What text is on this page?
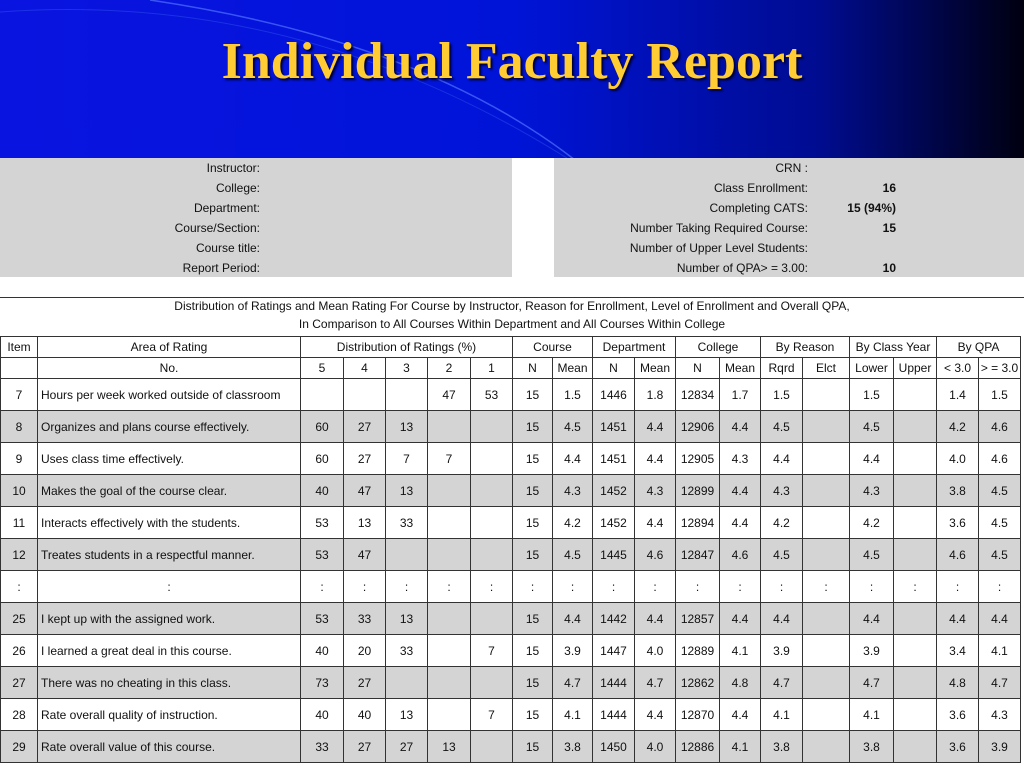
Individual Faculty Report
Instructor:
College:
Department:
Course/Section:
Course title:
Report Period:
CRN :
Class Enrollment:	16
Completing CATS:	15 (94%)
Number Taking Required Course:	15
Number of Upper Level Students:
Number of QPA> = 3.00:	10
Distribution of Ratings and Mean Rating For Course by Instructor, Reason for Enrollment, Level of Enrollment and Overall QPA,
In Comparison to All Courses Within Department and All Courses Within College
Item	Area of Rating	Distribution of Ratings (%)					Course		Department		College		By Reason		By Class Year		By QPA	
	No.	5	4	3	2	1	N	Mean	N	Mean	N	Mean	Rqrd	Elct	Lower	Upper	< 3.0	> = 3.0
7	Hours per week worked outside of classroom				47	53	15	1.5	1446	1.8	12834	1.7	1.5		1.5		1.4	1.5
8	Organizes and plans course effectively.	60	27	13			15	4.5	1451	4.4	12906	4.4	4.5		4.5		4.2	4.6
9	Uses class time effectively.	60	27	7	7		15	4.4	1451	4.4	12905	4.3	4.4		4.4		4.0	4.6
10	Makes the goal of the course clear.	40	47	13			15	4.3	1452	4.3	12899	4.4	4.3		4.3		3.8	4.5
11	Interacts effectively with the students.	53	13	33			15	4.2	1452	4.4	12894	4.4	4.2		4.2		3.6	4.5
12	Treates students in a respectful manner.	53	47				15	4.5	1445	4.6	12847	4.6	4.5		4.5		4.6	4.5
:	:	:	:	:	:	:	:	:	:	:	:	:	:	:	:	:	:	:
25	I kept up with the assigned work.	53	33	13			15	4.4	1442	4.4	12857	4.4	4.4		4.4		4.4	4.4
26	I learned a great deal in this course.	40	20	33		7	15	3.9	1447	4.0	12889	4.1	3.9		3.9		3.4	4.1
27	There was no cheating in this class.	73	27				15	4.7	1444	4.7	12862	4.8	4.7		4.7		4.8	4.7
28	Rate overall quality of instruction.	40	40	13		7	15	4.1	1444	4.4	12870	4.4	4.1		4.1		3.6	4.3
29	Rate overall value of this course.	33	27	27	13		15	3.8	1450	4.0	12886	4.1	3.8		3.8		3.6	3.9
